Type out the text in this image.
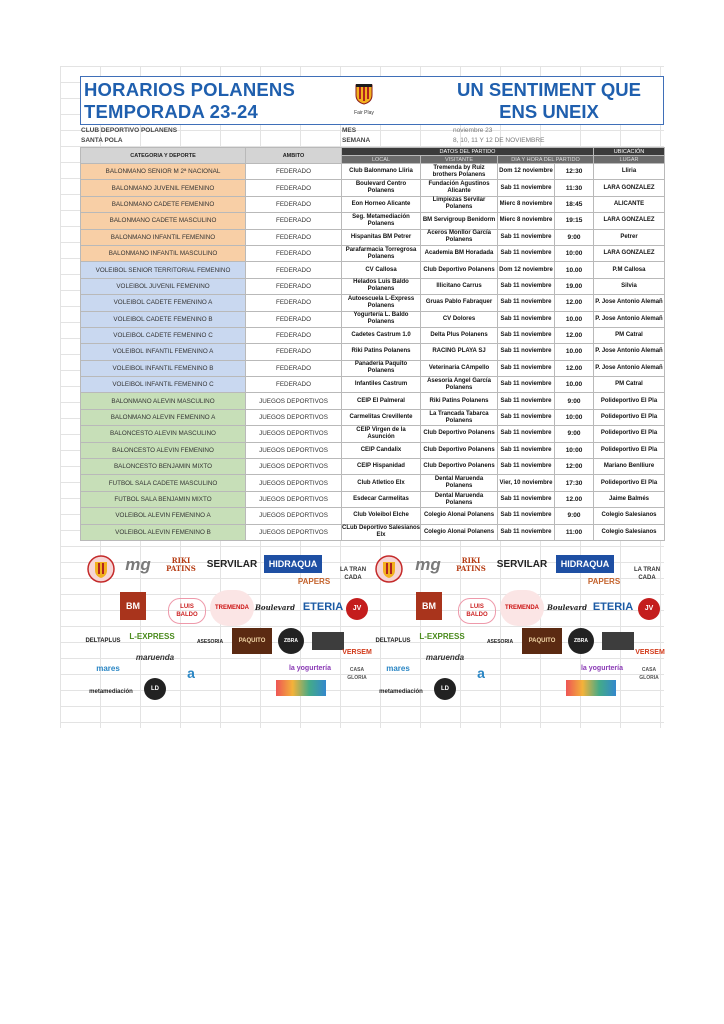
HORARIOS POLANENS
TEMPORADA 23-24	Fair Play
UN SENTIMENT QUE
ENS UNEIX
CLUB DEPORTIVO POLANENS
SANTA POLA
MES	noviembre 23
SEMANA	8, 10, 11 Y 12 DE NOVIEMBRE
CATEGORIA Y DEPORTE	AMBITO	DATOS DEL PARTIDO				UBICACIÓN
		LOCAL	VISITANTE	DIA Y HORA DEL PARTIDO		LUGAR
BALONMANO SENIOR M 2ª NACIONAL	FEDERADO	Club Balonmano Lliria	Tremenda by Ruiz brothers Polanens	Dom 12 noviembre	12:30	Lliria
BALONMANO JUVENIL FEMENINO	FEDERADO	Boulevard Centro Polanens	Fundación Agustinos Alicante	Sab 11 noviembre	11:30	LARA GONZALEZ
BALONMANO CADETE FEMENINO	FEDERADO	Eon Horneo Alicante	Limpiezas Servilar Polanens	Mierc 8 noviembre	18:45	ALICANTE
BALONMANO CADETE MASCULINO	FEDERADO	Seg. Metamediación Polanens	BM Servigroup Benidorm	Mierc 8 noviembre	19:15	LARA GONZALEZ
BALONMANO INFANTIL FEMENINO	FEDERADO	Hispanitas BM Petrer	Aceros Monllor García Polanens	Sab 11 noviembre	9:00	Petrer
BALONMANO INFANTIL MASCULINO	FEDERADO	Parafarmacia Torregrosa Polanens	Academia BM Horadada	Sab 11 noviembre	10:00	LARA GONZALEZ
VOLEIBOL SENIOR TERRITORIAL FEMENINO	FEDERADO	CV Callosa	Club Deportivo Polanens	Dom 12 noviembre	10.00	P.M Callosa
VOLEIBOL JUVENIL FEMENINO	FEDERADO	Helados Luis Baldo Polanens	Illicitano Carrus	Sab 11 noviembre	19.00	Silvia
VOLEIBOL CADETE FEMENINO A	FEDERADO	Autoescuela L-Express Polanens	Gruas Pablo Fabraquer	Sab 11 noviembre	12.00	P. Jose Antonio Alemañ
VOLEIBOL CADETE FEMENINO B	FEDERADO	Yogurtería L. Baldo Polanens	CV Dolores	Sab 11 noviembre	10.00	P. Jose Antonio Alemañ
VOLEIBOL CADETE FEMENINO C	FEDERADO	Cadetes Castrum 1.0	Delta Plus Polanens	Sab 11 noviembre	12.00	PM Catral
VOLEIBOL INFANTIL FEMENINO A	FEDERADO	Riki Patins Polanens	RACING PLAYA SJ	Sab 11 noviembre	10.00	P. Jose Antonio Alemañ
VOLEIBOL INFANTIL FEMENINO B	FEDERADO	Panadería Paquito Polanens	Veterinaria CAmpello	Sab 11 noviembre	12.00	P. Jose Antonio Alemañ
VOLEIBOL INFANTIL FEMENINO C	FEDERADO	Infantiles Castrum	Asesoría Angel García Polanens	Sab 11 noviembre	10.00	PM Catral
BALONMANO ALEVIN MASCULINO	JUEGOS DEPORTIVOS	CEIP El Palmeral	Riki Patins Polanens	Sab 11 noviembre	9:00	Polideportivo El Pla
BALONMANO ALEVIN FEMENINO A	JUEGOS DEPORTIVOS	Carmelitas Crevillente	La Trancada Tabarca Polanens	Sab 11 noviembre	10:00	Polideportivo El Pla
BALONCESTO ALEVIN MASCULINO	JUEGOS DEPORTIVOS	CEIP Virgen de la Asunción	Club Deportivo Polanens	Sab 11 noviembre	9:00	Polideportivo El Pla
BALONCESTO ALEVIN FEMENINO	JUEGOS DEPORTIVOS	CEIP Candalix	Club Deportivo Polanens	Sab 11 noviembre	10:00	Polideportivo El Pla
BALONCESTO BENJAMIN MIXTO	JUEGOS DEPORTIVOS	CEIP Hispanidad	Club Deportivo Polanens	Sab 11 noviembre	12:00	Mariano Benlliure
FUTBOL SALA CADETE MASCULINO	JUEGOS DEPORTIVOS	Club Atletico Elx	Dental Maruenda Polanens	Vier, 10 noviembre	17:30	Polideportivo El Pla
FUTBOL SALA BENJAMIN MIXTO	JUEGOS DEPORTIVOS	Esdecar Carmelitas	Dental Maruenda Polanens	Sab 11 noviembre	12.00	Jaime Balmés
VOLEIBOL ALEVIN FEMENINO A	JUEGOS DEPORTIVOS	Club Voleibol Elche	Colegio Alonai Polanens	Sab 11 noviembre	9:00	Colegio Salesianos
VOLEIBOL ALEVIN FEMENINO B	JUEGOS DEPORTIVOS	CLub Deportivo Salesianos Elx	Colegio Alonai Polanens	Sab 11 noviembre	11:00	Colegio Salesianos
mg	RIKI PATINS	SERVILAR	HIDRAQUA
PAPERS
LA TRAN CADA
BM	LUIS BALDO
TREMENDA Boulevard ETERIA	JV
DELTAPLUS	L-EXPRESS
ASESORIA	PAQUITO	ZBRA
VERSEM
maruenda
mares	a	la yogurtería
metamediación	LD
CASA GLORIA
mg	RIKI PATINS	SERVILAR	HIDRAQUA
PAPERS
LA TRAN CADA
BM	LUIS BALDO
TREMENDA	Boulevard ETERIA	JV
DELTAPLUS	L-EXPRESS
ASESORIA	PAQUITO	ZBRA
VERSEM
maruenda
mares	a	la yogurtería
metamediación	LD
CASA GLORIA
